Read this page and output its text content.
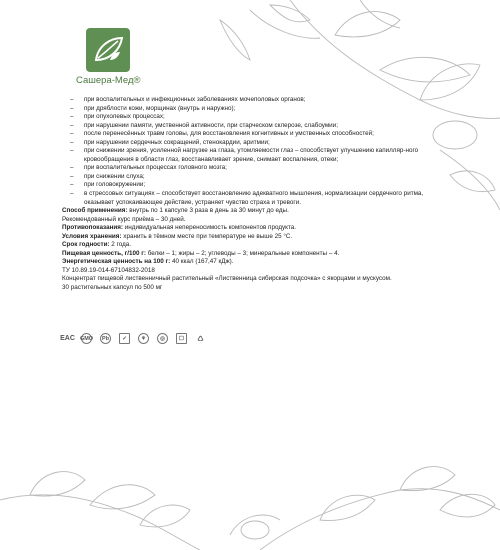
Сашера-Мед®
– при воспалительных и инфекционных заболеваниях мочеполовых органов;
– при дряблости кожи, морщинах (внутрь и наружно);
– при опухолевых процессах;
– при нарушении памяти, умственной активности, при старческом склерозе, слабоумии;
– после перенесённых травм головы, для восстановления когнитивных и умственных способностей;
– при нарушении сердечных сокращений, стенокардии, аритмии;
– при снижении зрения, усиленной нагрузке на глаза, утомляемости глаз – способствует улучшению капилляр-ного кровообращения в области глаз, восстанавливает зрение, снимает воспаления, отеки;
– при воспалительных процессах головного мозга;
– при снижении слуха;
– при головокружении;
– в стрессовых ситуациях – способствует восстановлению адекватного мышления, нормализации сердечного ритма, оказывает успокаивающее действие, устраняет чувство страха и тревоги.

Способ применения: внутрь по 1 капсуле 3 раза в день за 30 минут до еды.

Рекомендованный курс приёма – 30 дней.

Противопоказания: индивидуальная непереносимость компонентов продукта.

Условия хранения: хранить в тёмном месте при температуре не выше 25 °С.

Срок годности: 2 года.

Пищевая ценность, г/100 г: белки – 1; жиры – 2; углеводы – 3; минеральные компоненты – 4.

Энергетическая ценность на 100 г: 40 ккал (167,47 кДж).

ТУ 10.89.19-014-67104832-2018

Концентрат пищевой лиственничный растительный «Лиственница сибирская подсочка» с якорцами и мускусом.

30 растительных капсул по 500 мг

EAC GMO	Pb	✓	⚘	◎	☐	♺
